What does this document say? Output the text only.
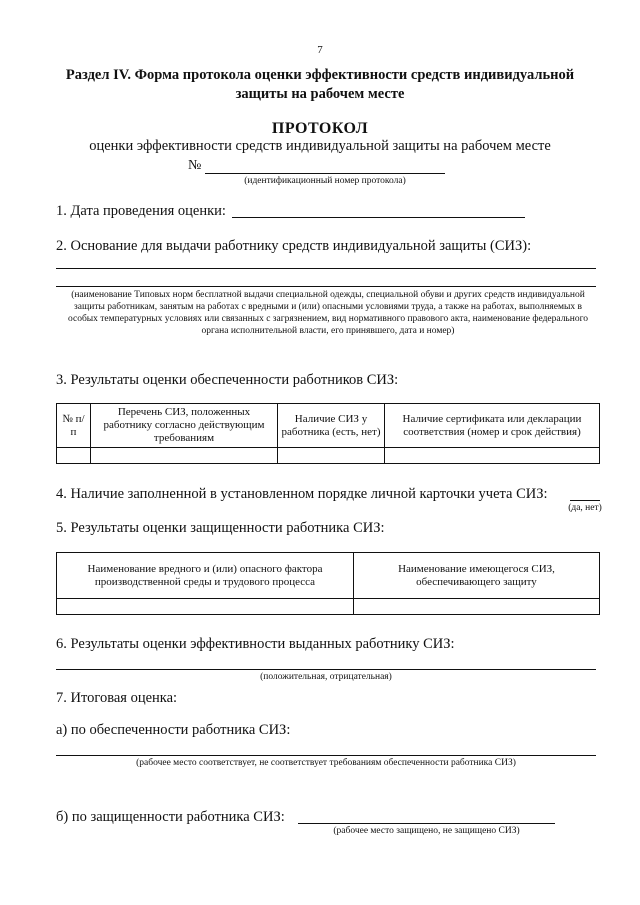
7
Раздел IV. Форма протокола оценки эффективности средств индивидуальной защиты на рабочем месте
ПРОТОКОЛ
оценки эффективности средств индивидуальной защиты на рабочем месте
№
(идентификационный номер протокола)
1. Дата проведения оценки:
2. Основание для выдачи работнику средств индивидуальной защиты (СИЗ):
(наименование Типовых норм бесплатной выдачи специальной одежды, специальной обуви и других средств индивидуальной защиты работникам, занятым на работах с вредными и (или) опасными условиями труда, а также на работах, выполняемых в особых температурных условиях или связанных с загрязнением, вид нормативного правового акта, наименование федерального органа исполнительной власти, его принявшего, дата и номер)
3. Результаты оценки обеспеченности работников СИЗ:
№ п/п	Перечень СИЗ, положенных работнику согласно действующим требованиям	Наличие СИЗ у работника (есть, нет)	Наличие сертификата или декларации соответствия (номер и срок действия)

4. Наличие заполненной в установленном порядке личной карточки учета СИЗ:
(да, нет)
5. Результаты оценки защищенности работника СИЗ:
Наименование вредного и (или) опасного фактора производственной среды и трудового процесса	Наименование имеющегося СИЗ, обеспечивающего защиту

6. Результаты оценки эффективности выданных работнику СИЗ:
(положительная, отрицательная)
7. Итоговая оценка:
а) по обеспеченности работника СИЗ:
(рабочее место соответствует, не соответствует требованиям обеспеченности работника СИЗ)
б) по защищенности работника СИЗ:
(рабочее место защищено, не защищено СИЗ)
